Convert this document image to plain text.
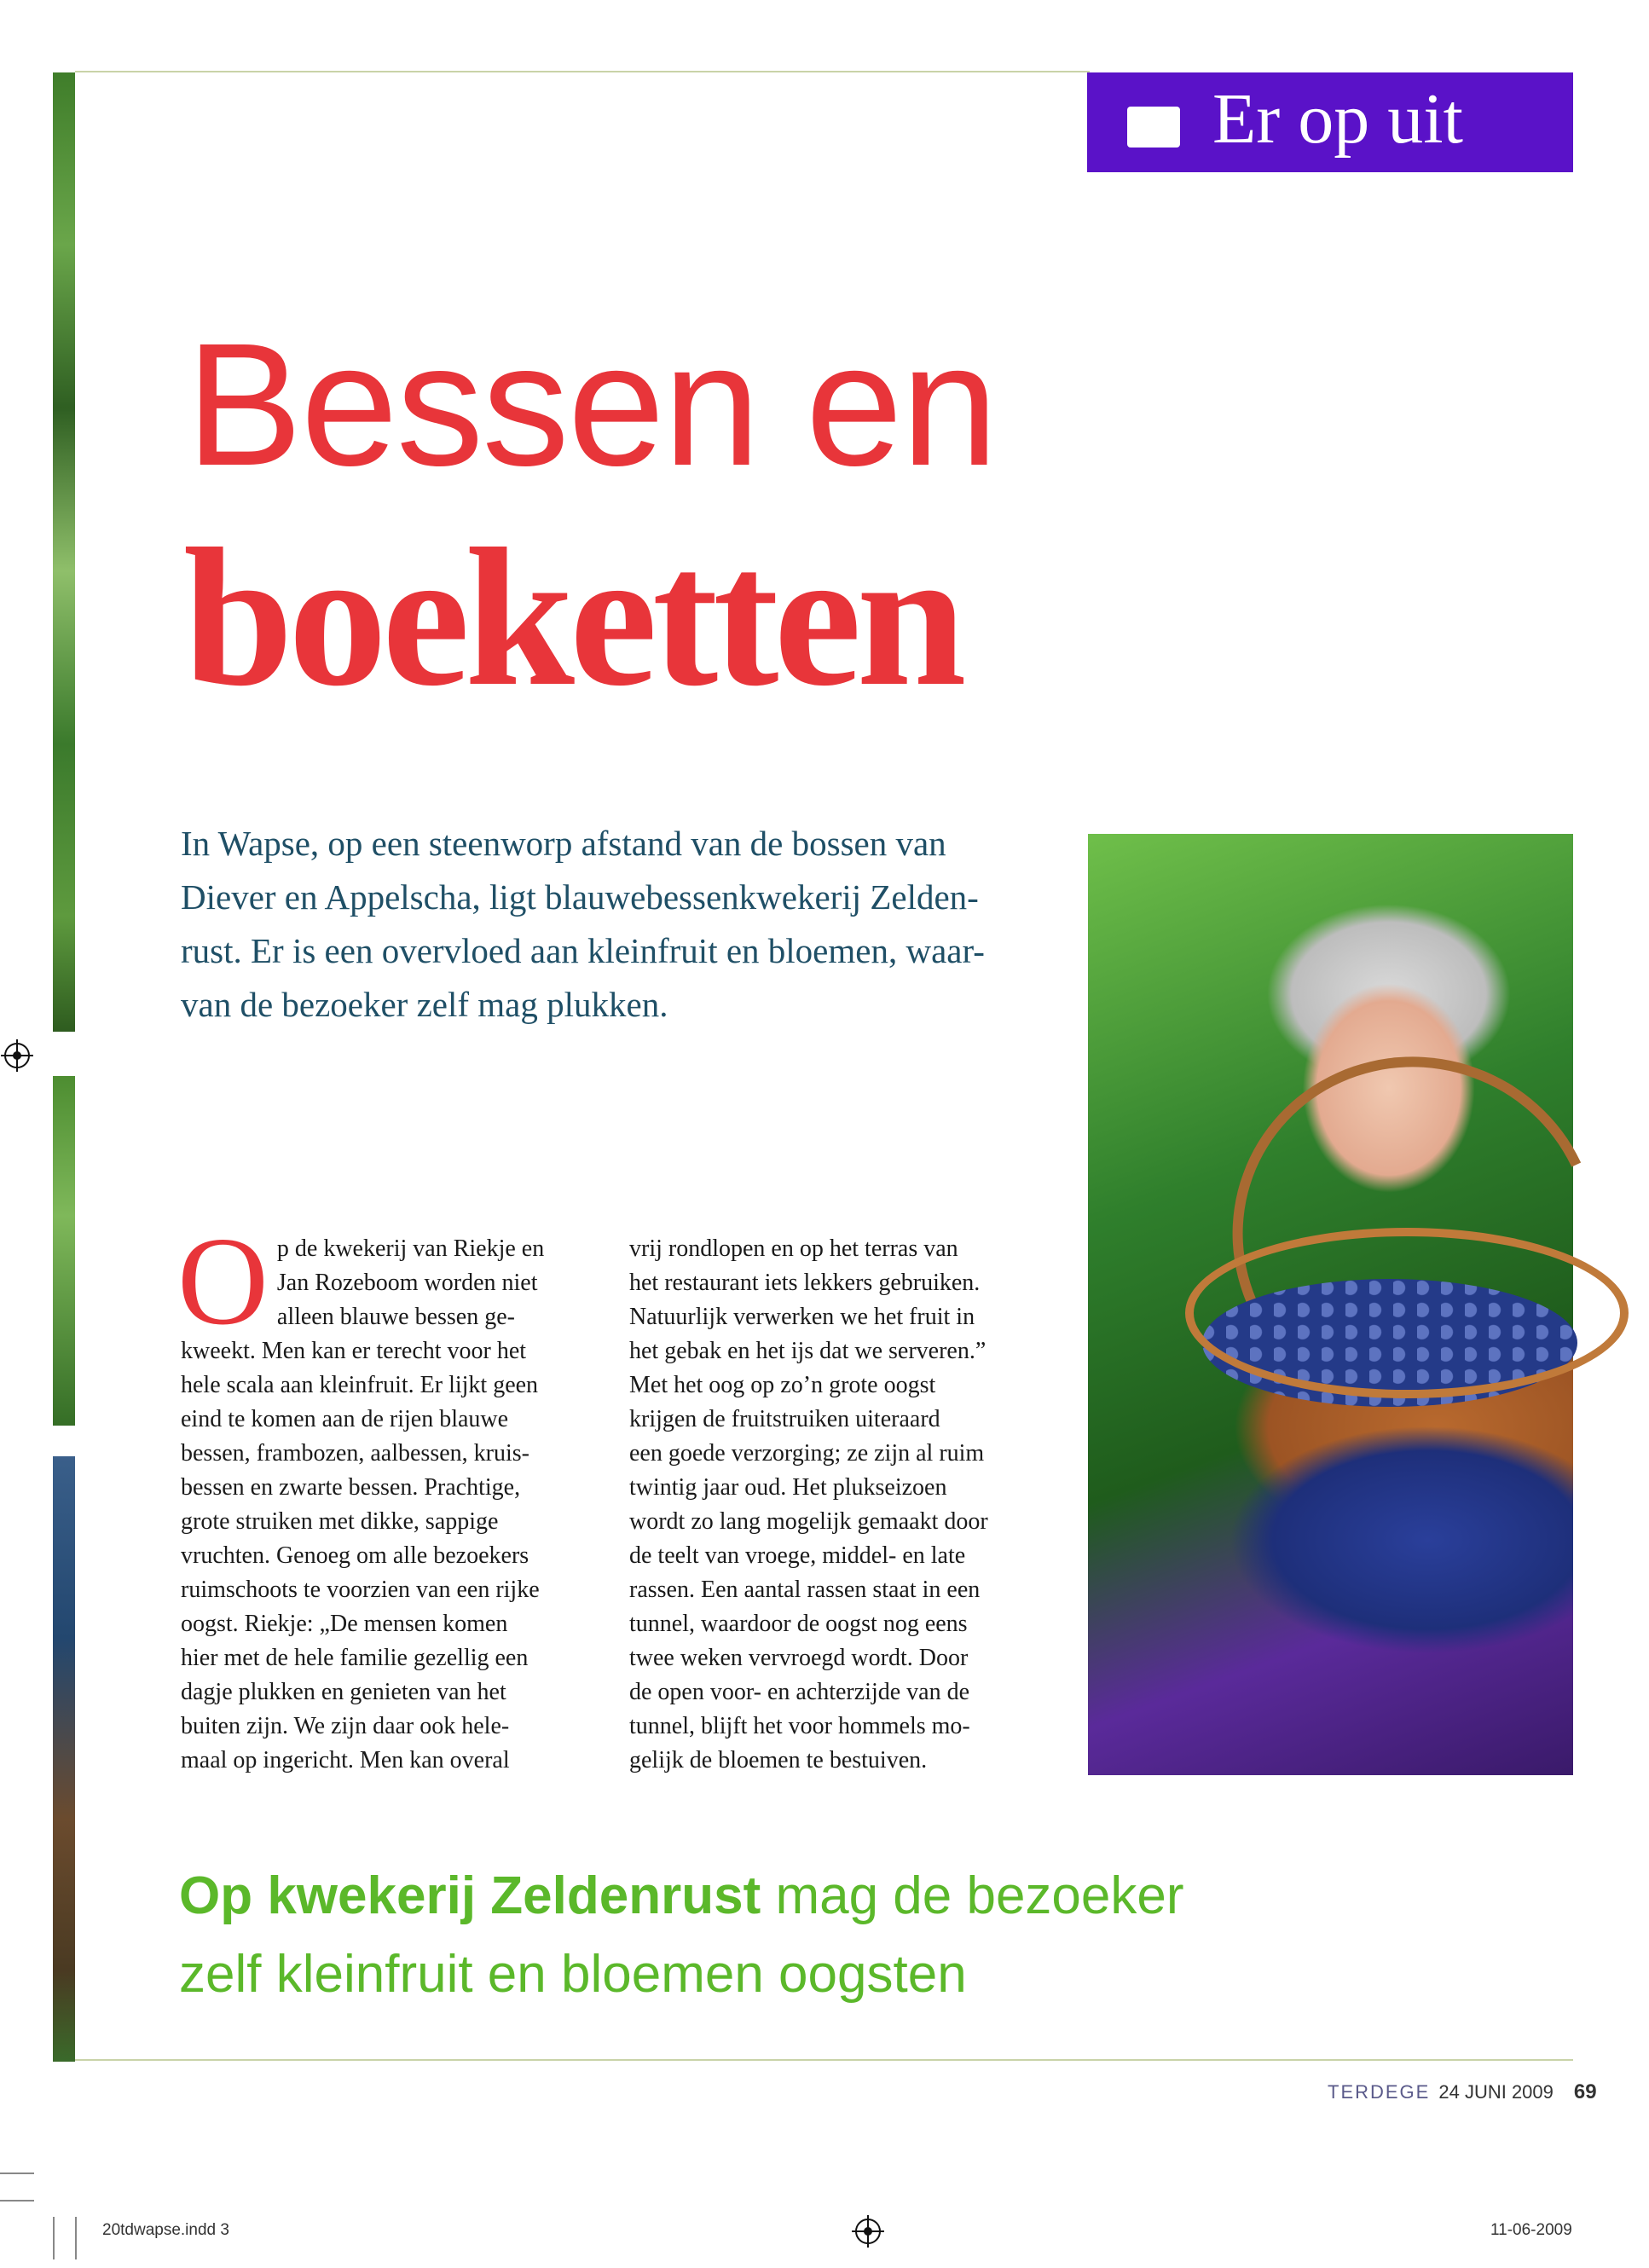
Er op uit
Bessen en
boeketten

In Wapse, op een steenworp afstand van de bossen van

Diever en Appelscha, ligt blauwebessenkwekerij Zelden-

rust. Er is een overvloed aan kleinfruit en bloemen, waar-

van de bezoeker zelf mag plukken.

O p de kwekerij van Riekje en

Jan Rozeboom worden niet

alleen blauwe bessen ge-

kweekt. Men kan er terecht voor het

hele scala aan kleinfruit. Er lijkt geen

eind te komen aan de rijen blauwe

bessen, frambozen, aalbessen, kruis-

bessen en zwarte bessen. Prachtige,

grote struiken met dikke, sappige

vruchten. Genoeg om alle bezoekers

ruimschoots te voorzien van een rijke

oogst. Riekje: „De mensen komen

hier met de hele familie gezellig een

dagje plukken en genieten van het

buiten zijn. We zijn daar ook hele-

maal op ingericht. Men kan overal

vrij rondlopen en op het terras van

het restaurant iets lekkers gebruiken.

Natuurlijk verwerken we het fruit in

het gebak en het ijs dat we serveren.”

Met het oog op zo’n grote oogst

krijgen de fruitstruiken uiteraard

een goede verzorging; ze zijn al ruim

twintig jaar oud. Het plukseizoen

wordt zo lang mogelijk gemaakt door

de teelt van vroege, middel- en late

rassen. Een aantal rassen staat in een

tunnel, waardoor de oogst nog eens

twee weken vervroegd wordt. Door

de open voor- en achterzijde van de

tunnel, blijft het voor hommels mo-

gelijk de bloemen te bestuiven.

Op kwekerij Zeldenrust mag de bezoeker
zelf kleinfruit en bloemen oogsten
TERDEGE 24 JUNI 2009 69
20tdwapse.indd 3	11-06-2009
